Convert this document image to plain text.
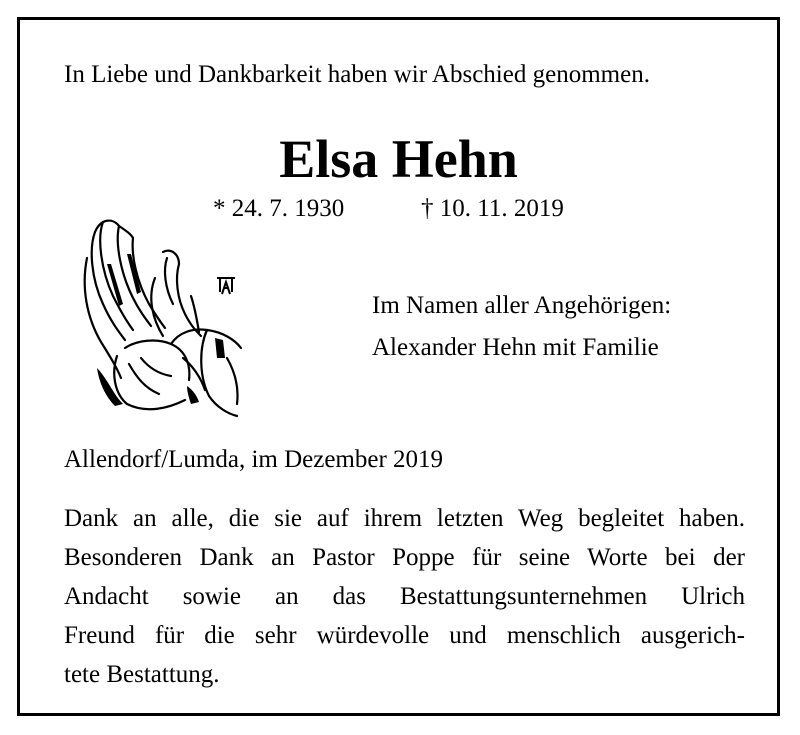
In Liebe und Dankbarkeit haben wir Abschied genommen.
Elsa Hehn
* 24. 7. 1930	† 10. 11. 2019
Im Namen aller Angehörigen:
Alexander Hehn mit Familie
Allendorf/Lumda, im Dezember 2019
Dank an alle, die sie auf ihrem letzten Weg begleitet haben.
Besonderen Dank an Pastor Poppe für seine Worte bei der
Andacht sowie an das Bestattungsunternehmen Ulrich
Freund für die sehr würdevolle und menschlich ausgerich-
tete Bestattung.
